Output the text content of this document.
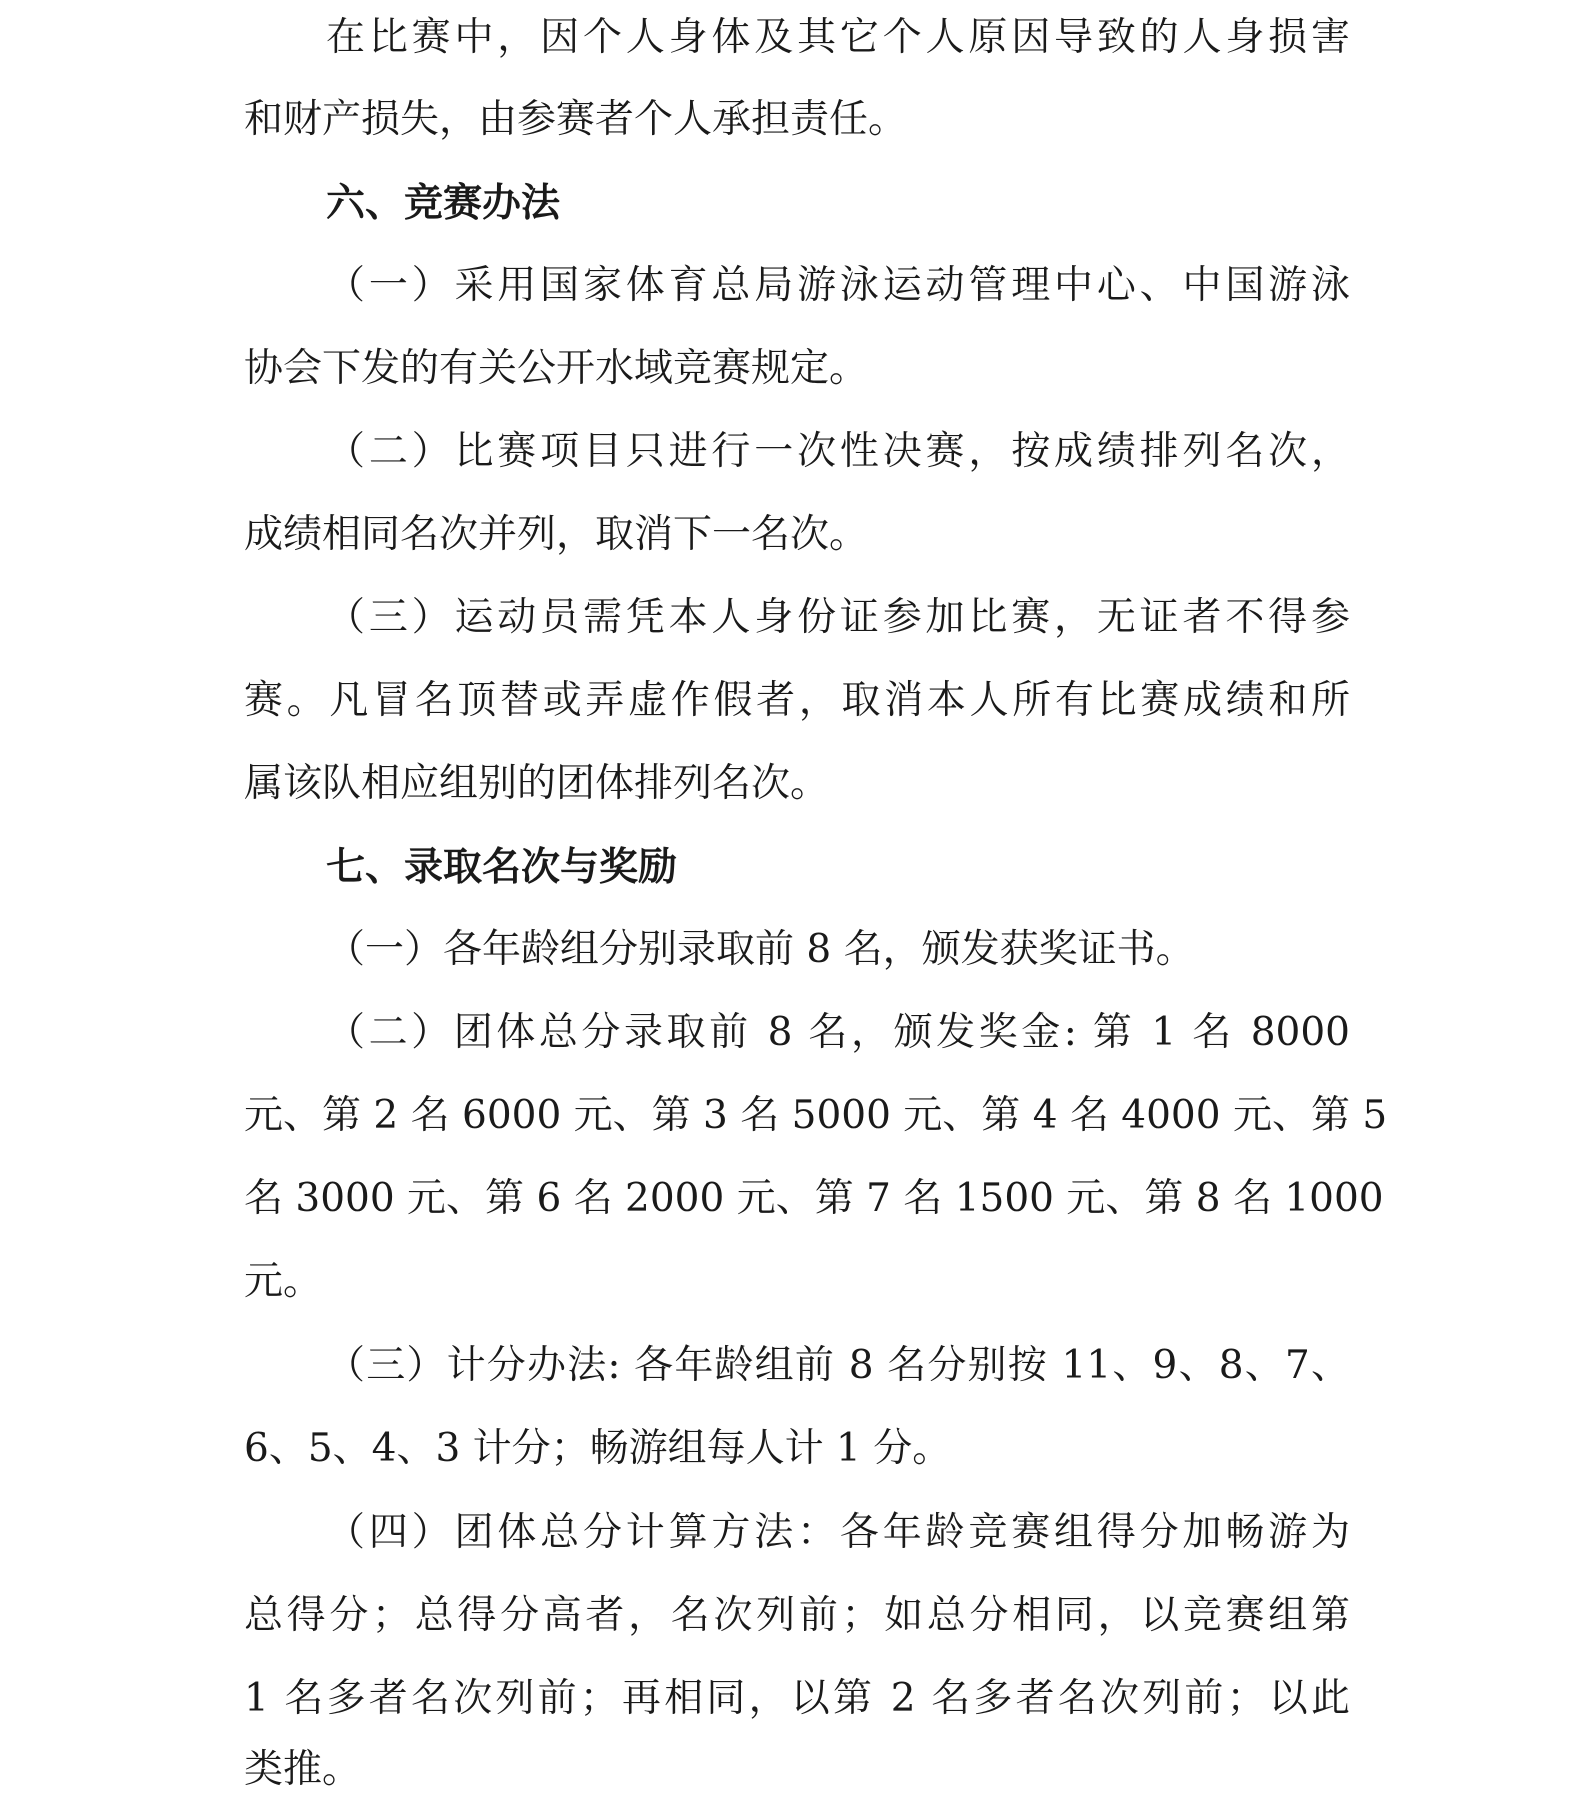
在比赛中，因个人身体及其它个人原因导致的人身损害
和财产损失，由参赛者个人承担责任。
六、竞赛办法
（一）采用国家体育总局游泳运动管理中心、中国游泳
协会下发的有关公开水域竞赛规定。
（二）比赛项目只进行一次性决赛，按成绩排列名次，
成绩相同名次并列，取消下一名次。
（三）运动员需凭本人身份证参加比赛，无证者不得参
赛。凡冒名顶替或弄虚作假者，取消本人所有比赛成绩和所
属该队相应组别的团体排列名次。
七、录取名次与奖励
（一）各年龄组分别录取前 8 名，颁发获奖证书。
（二）团体总分录取前 8 名，颁发奖金: 第 1 名 8000
元、第 2 名 6000 元、第 3 名 5000 元、第 4 名 4000 元、第 5
名 3000 元、第 6 名 2000 元、第 7 名 1500 元、第 8 名 1000
元。
（三）计分办法: 各年龄组前 8 名分别按 11、9、8、7、
6、5、4、3 计分；畅游组每人计 1 分。
（四）团体总分计算方法：各年龄竞赛组得分加畅游为
总得分；总得分高者，名次列前；如总分相同，以竞赛组第
1 名多者名次列前；再相同，以第 2 名多者名次列前；以此
类推。
